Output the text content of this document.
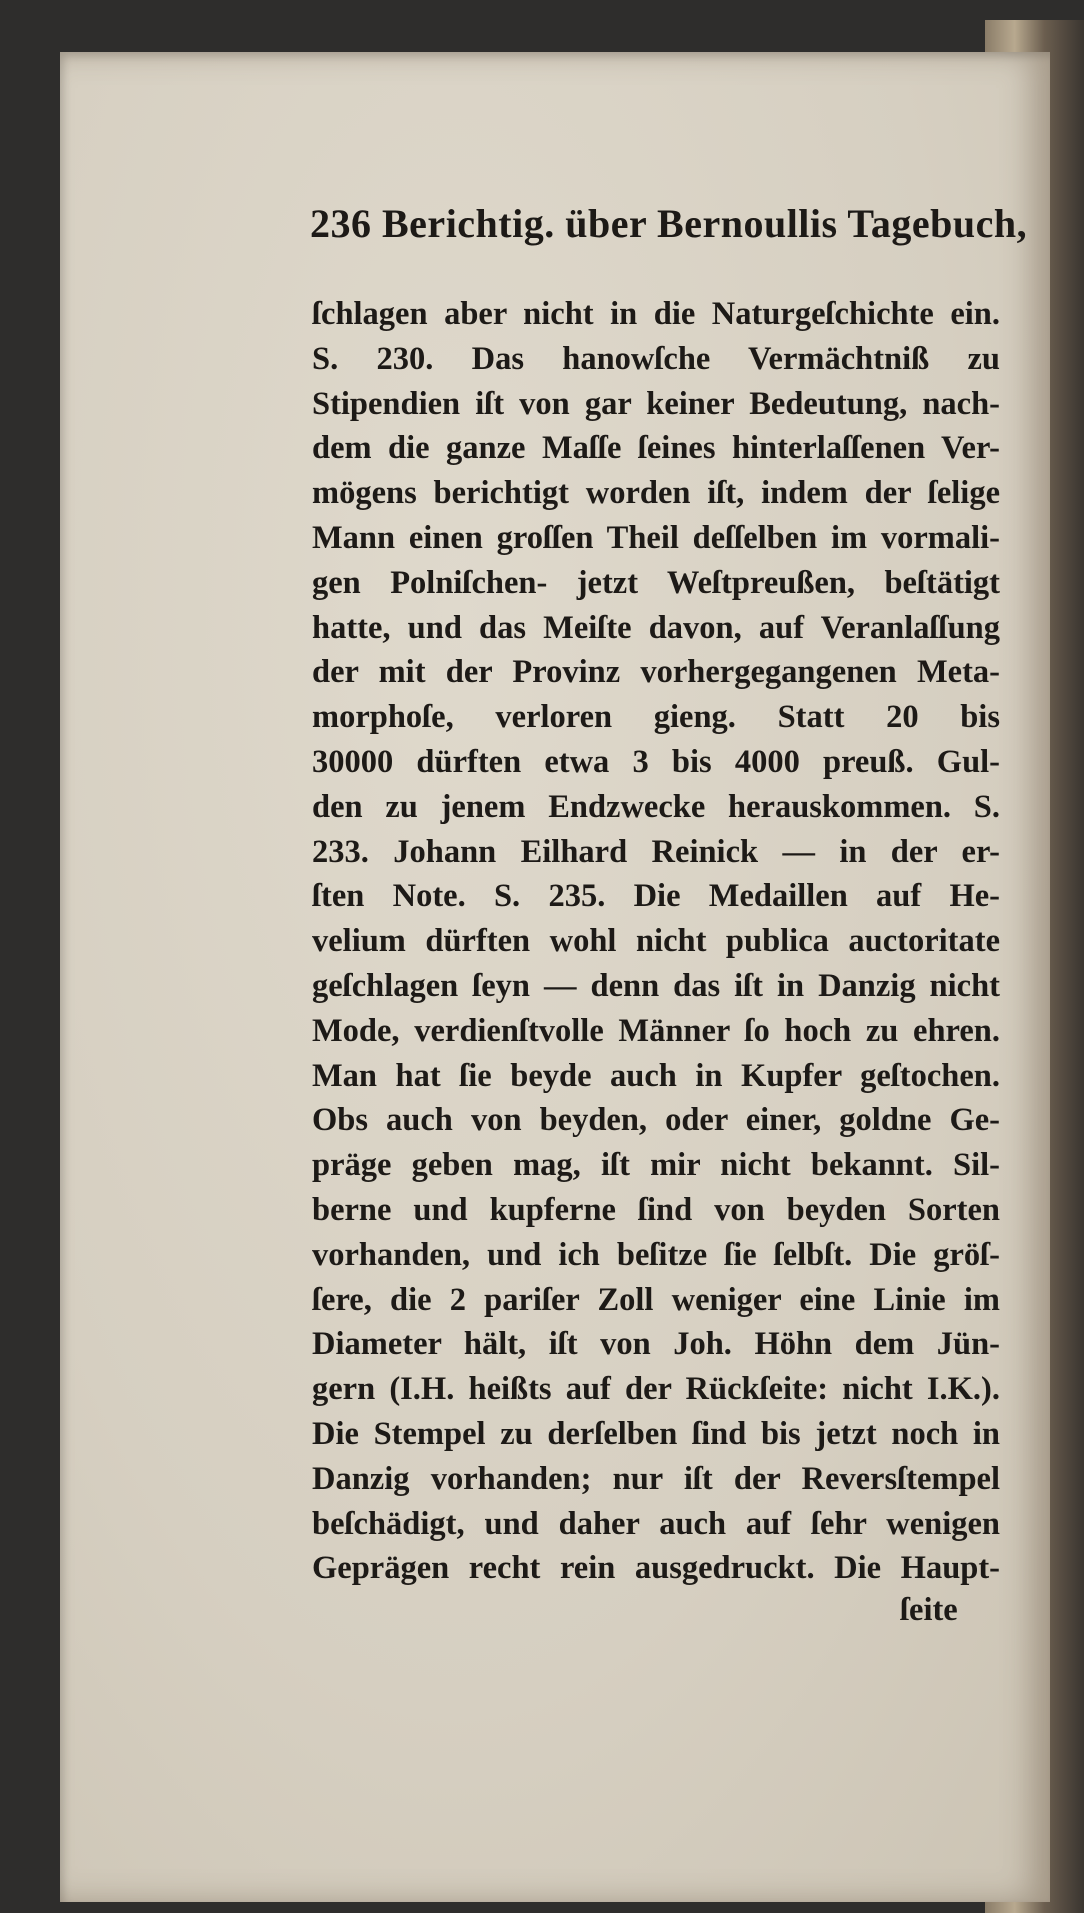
236 Berichtig. über Bernoullis Tagebuch,
ſchlagen aber nicht in die Naturgeſchichte ein.
S. 230. Das hanowſche Vermächtniß zu
Stipendien iſt von gar keiner Bedeutung, nach-
dem die ganze Maſſe ſeines hinterlaſſenen Ver-
mögens berichtigt worden iſt, indem der ſelige
Mann einen groſſen Theil deſſelben im vormali-
gen Polniſchen- jetzt Weſtpreußen, beſtätigt
hatte, und das Meiſte davon, auf Veranlaſſung
der mit der Provinz vorhergegangenen Meta-
morphoſe, verloren gieng. Statt 20 bis
30000 dürften etwa 3 bis 4000 preuß. Gul-
den zu jenem Endzwecke herauskommen. S.
233. Johann Eilhard Reinick — in der er-
ſten Note. S. 235. Die Medaillen auf He-
velium dürften wohl nicht publica auctoritate
geſchlagen ſeyn — denn das iſt in Danzig nicht
Mode, verdienſtvolle Männer ſo hoch zu ehren.
Man hat ſie beyde auch in Kupfer geſtochen.
Obs auch von beyden, oder einer, goldne Ge-
präge geben mag, iſt mir nicht bekannt. Sil-
berne und kupferne ſind von beyden Sorten
vorhanden, und ich beſitze ſie ſelbſt. Die gröſ-
ſere, die 2 pariſer Zoll weniger eine Linie im
Diameter hält, iſt von Joh. Höhn dem Jün-
gern (I.H. heißts auf der Rückſeite: nicht I.K.).
Die Stempel zu derſelben ſind bis jetzt noch in
Danzig vorhanden; nur iſt der Reversſtempel
beſchädigt, und daher auch auf ſehr wenigen
Geprägen recht rein ausgedruckt. Die Haupt-
ſeite
